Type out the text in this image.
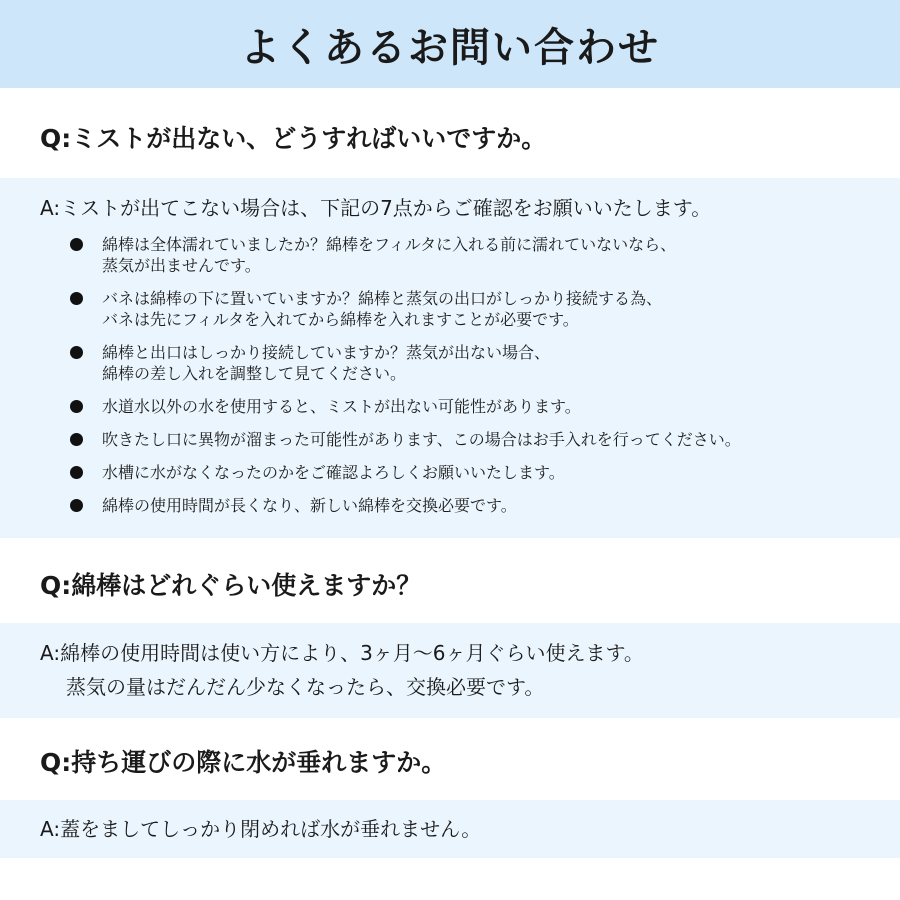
よくあるお問い合わせ
Q:ミストが出ない、どうすればいいですか。
A:ミストが出てこない場合は、下記の7点からご確認をお願いいたします。
綿棒は全体濡れていましたか？綿棒をフィルタに入れる前に濡れていないなら、
蒸気が出ませんです。
バネは綿棒の下に置いていますか？綿棒と蒸気の出口がしっかり接続する為、
バネは先にフィルタを入れてから綿棒を入れますことが必要です。
綿棒と出口はしっかり接続していますか？蒸気が出ない場合、
綿棒の差し入れを調整して見てください。
水道水以外の水を使用すると、ミストが出ない可能性があります。
吹きたし口に異物が溜まった可能性があります、この場合はお手入れを行ってください。
水槽に水がなくなったのかをご確認よろしくお願いいたします。
綿棒の使用時間が長くなり、新しい綿棒を交換必要です。
Q:綿棒はどれぐらい使えますか？
A:綿棒の使用時間は使い方により、3ヶ月〜6ヶ月ぐらい使えます。
蒸気の量はだんだん少なくなったら、交換必要です。
Q:持ち運びの際に水が垂れますか。
A:蓋をましてしっかり閉めれば水が垂れません。
